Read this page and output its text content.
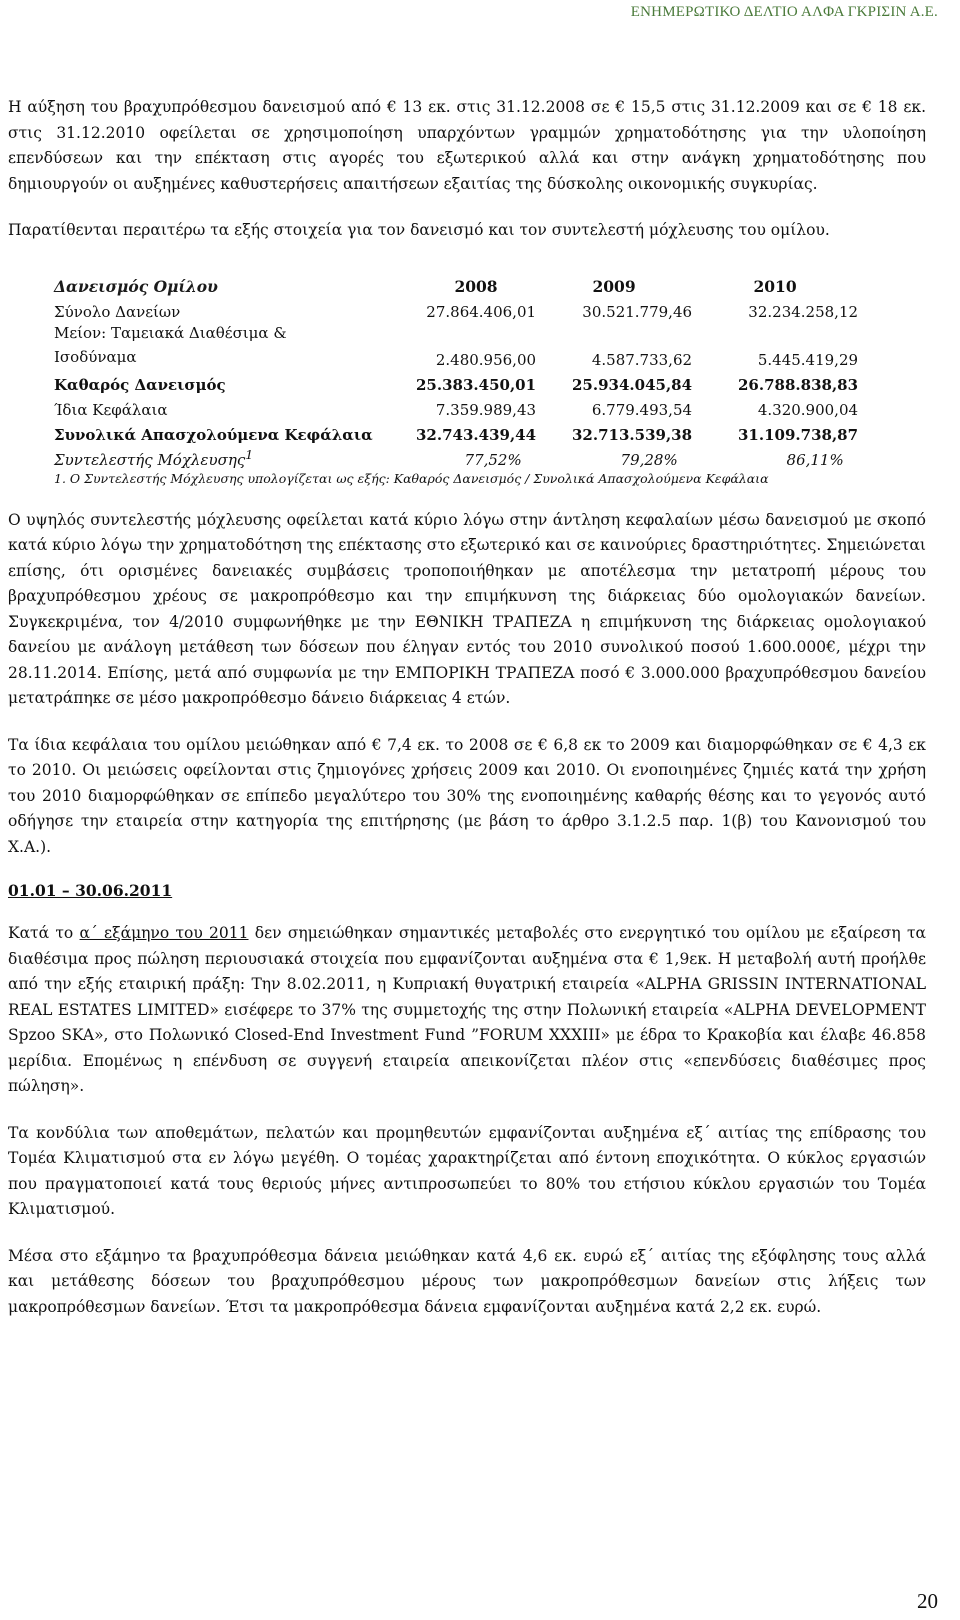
ΕΝΗΜΕΡΩΤΙΚΟ ΔΕΛΤΙΟ ΑΛΦΑ ΓΚΡΙΣΙΝ Α.Ε.

Η αύξηση του βραχυπρόθεσμου δανεισμού από € 13 εκ. στις 31.12.2008 σε € 15,5 στις 31.12.2009 και σε € 18 εκ. στις 31.12.2010 οφείλεται σε χρησιμοποίηση υπαρχόντων γραμμών χρηματοδότησης για την υλοποίηση επενδύσεων και την επέκταση στις αγορές του εξωτερικού αλλά και στην ανάγκη χρηματοδότησης που δημιουργούν οι αυξημένες καθυστερήσεις απαιτήσεων εξαιτίας της δύσκολης οικονομικής συγκυρίας.

Παρατίθενται περαιτέρω τα εξής στοιχεία για τον δανεισμό και τον συντελεστή μόχλευσης του ομίλου.

Δανεισμός Ομίλου	2008	2009	2010
Σύνολο Δανείων	27.864.406,01	30.521.779,46	32.234.258,12

Μείον: Ταμειακά Διαθέσιμα &
Ισοδύναμα	2.480.956,00	4.587.733,62	5.445.419,29
Καθαρός Δανεισμός	25.383.450,01	25.934.045,84	26.788.838,83
Ίδια Κεφάλαια	7.359.989,43	6.779.493,54	4.320.900,04
Συνολικά Απασχολούμενα Κεφάλαια	32.743.439,44	32.713.539,38	31.109.738,87
Συντελεστής Μόχλευσης$^1$	77,52%	79,28%	86,11%
1. Ο Συντελεστής Μόχλευσης υπολογίζεται ως εξής: Καθαρός Δανεισμός / Συνολικά Απασχολούμενα Κεφάλαια

Ο υψηλός συντελεστής μόχλευσης οφείλεται κατά κύριο λόγω στην άντληση κεφαλαίων μέσω δανεισμού με σκοπό κατά κύριο λόγω την χρηματοδότηση της επέκτασης στο εξωτερικό και σε καινούριες δραστηριότητες. Σημειώνεται επίσης, ότι ορισμένες δανειακές συμβάσεις τροποποιήθηκαν με αποτέλεσμα την μετατροπή μέρους του βραχυπρόθεσμου χρέους σε μακροπρόθεσμο και την επιμήκυνση της διάρκειας δύο ομολογιακών δανείων. Συγκεκριμένα, τον 4/2010 συμφωνήθηκε με την ΕΘΝΙΚΗ ΤΡΑΠΕΖΑ η επιμήκυνση της διάρκειας ομολογιακού δανείου με ανάλογη μετάθεση των δόσεων που έληγαν εντός του 2010 συνολικού ποσού 1.600.000€, μέχρι την 28.11.2014. Επίσης, μετά από συμφωνία με την ΕΜΠΟΡΙΚΗ ΤΡΑΠΕΖΑ ποσό € 3.000.000 βραχυπρόθεσμου δανείου μετατράπηκε σε μέσο μακροπρόθεσμο δάνειο διάρκειας 4 ετών.

Τα ίδια κεφάλαια του ομίλου μειώθηκαν από € 7,4 εκ. το 2008 σε € 6,8 εκ το 2009 και διαμορφώθηκαν σε € 4,3 εκ το 2010. Οι μειώσεις οφείλονται στις ζημιογόνες χρήσεις 2009 και 2010. Οι ενοποιημένες ζημιές κατά την χρήση του 2010 διαμορφώθηκαν σε επίπεδο μεγαλύτερο του 30% της ενοποιημένης καθαρής θέσης και το γεγονός αυτό οδήγησε την εταιρεία στην κατηγορία της επιτήρησης (με βάση το άρθρο 3.1.2.5 παρ. 1(β) του Κανονισμού του Χ.Α.).

01.01 – 30.06.2011

Κατά το α΄ εξάμηνο του 2011 δεν σημειώθηκαν σημαντικές μεταβολές στο ενεργητικό του ομίλου με εξαίρεση τα διαθέσιμα προς πώληση περιουσιακά στοιχεία που εμφανίζονται αυξημένα στα € 1,9εκ. Η μεταβολή αυτή προήλθε από την εξής εταιρική πράξη: Την 8.02.2011, η Κυπριακή θυγατρική εταιρεία «ALPHA GRISSIN INTERNATIONAL REAL ESTATES LIMITED» εισέφερε το 37% της συμμετοχής της στην Πολωνική εταιρεία «ALPHA DEVELOPMENT Spzoo SKA», στο Πολωνικό Closed-End Investment Fund ”FORUM XXXIII» με έδρα το Κρακοβία και έλαβε 46.858 μερίδια. Επομένως η επένδυση σε συγγενή εταιρεία απεικονίζεται πλέον στις «επενδύσεις διαθέσιμες προς πώληση».

Τα κονδύλια των αποθεμάτων, πελατών και προμηθευτών εμφανίζονται αυξημένα εξ΄ αιτίας της επίδρασης του Τομέα Κλιματισμού στα εν λόγω μεγέθη. Ο τομέας χαρακτηρίζεται από έντονη εποχικότητα. Ο κύκλος εργασιών που πραγματοποιεί κατά τους θεριούς μήνες αντιπροσωπεύει το 80% του ετήσιου κύκλου εργασιών του Τομέα Κλιματισμού.

Μέσα στο εξάμηνο τα βραχυπρόθεσμα δάνεια μειώθηκαν κατά 4,6 εκ. ευρώ εξ΄ αιτίας της εξόφλησης τους αλλά και μετάθεσης δόσεων του βραχυπρόθεσμου μέρους των μακροπρόθεσμων δανείων στις λήξεις των μακροπρόθεσμων δανείων. Έτσι τα μακροπρόθεσμα δάνεια εμφανίζονται αυξημένα κατά 2,2 εκ. ευρώ.

20
